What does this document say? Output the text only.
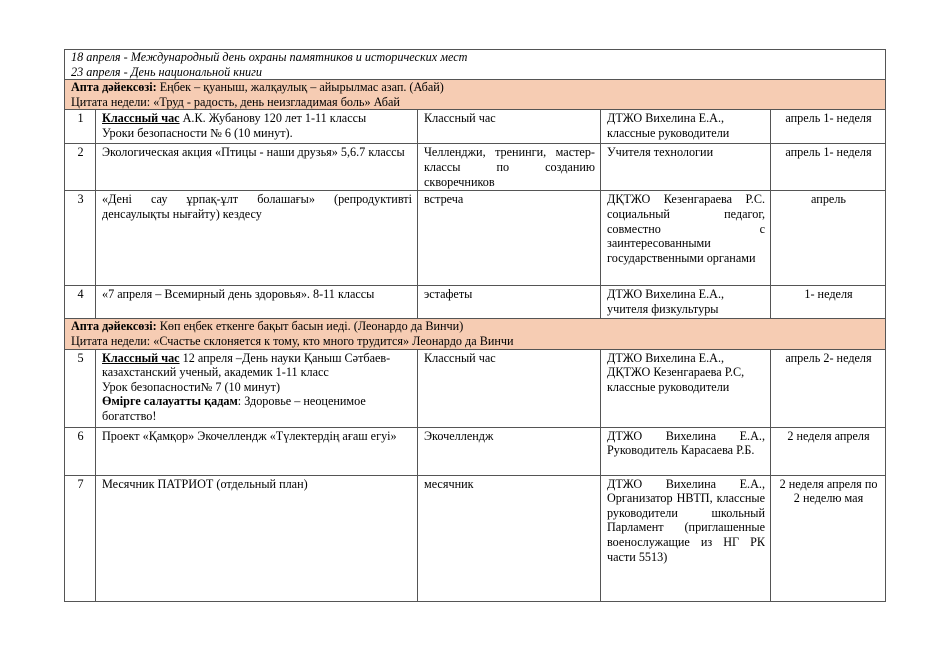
18 апреля - Международный день охраны памятников и исторических мест
23 апреля - День национальной книги				

Апта дәйексөзі: Еңбек – қуаныш, жалқаулық – айырылмас азап. (Абай)
Цитата недели: «Труд - радость, день неизгладимая боль» Абай				

1	Классный час А.К. Жубанову 120 лет 1-11 классы
Уроки безопасности № 6 (10 минут).	Классный час	ДТЖО Вихелина Е.А., классные руководители	апрель 1- неделя
2	Экологическая акция «Птицы - наши друзья» 5,6.7 классы	Челленджи, тренинги, мастер-классы по созданию скворечников	Учителя технологии	апрель 1- неделя
3	«Дені сау ұрпақ-ұлт болашағы» (репродуктивті денсаулықты нығайту) кездесу	встреча	ДҚТЖО Кезенгараева Р.С. социальный педагог, совместно с заинтересованными государственными органами	апрель
4	«7 апреля – Всемирный день здоровья». 8-11 классы	эстафеты	ДТЖО Вихелина Е.А., учителя физкультуры	1- неделя

Апта дәйексөзі: Көп еңбек еткенге бақыт басын иеді. (Леонардо да Винчи)
Цитата недели: «Счастье склоняется к тому, кто много трудится» Леонардо да Винчи				

5	Классный час 12 апреля –День науки Қаныш Сәтбаев-казахстанский ученый, академик 1-11 класс
Урок безопасности№ 7 (10 минут)
Өмірге салауатты қадам: Здоровье – неоценимое богатство!	Классный час	ДТЖО Вихелина Е.А., ДҚТЖО Кезенгараева Р.С, классные руководители	апрель 2- неделя
6	Проект «Қамқор» Экочеллендж «Түлектердің ағаш егуі»	Экочеллендж	ДТЖО Вихелина Е.А., Руководитель Карасаева Р.Б.	2 неделя апреля
7	Месячник ПАТРИОТ (отдельный план)	месячник	ДТЖО Вихелина Е.А., Организатор НВТП, классные руководители школьный Парламент (приглашенные военослужащие из НГ РК части 5513)	2 неделя апреля по 2 неделю мая
